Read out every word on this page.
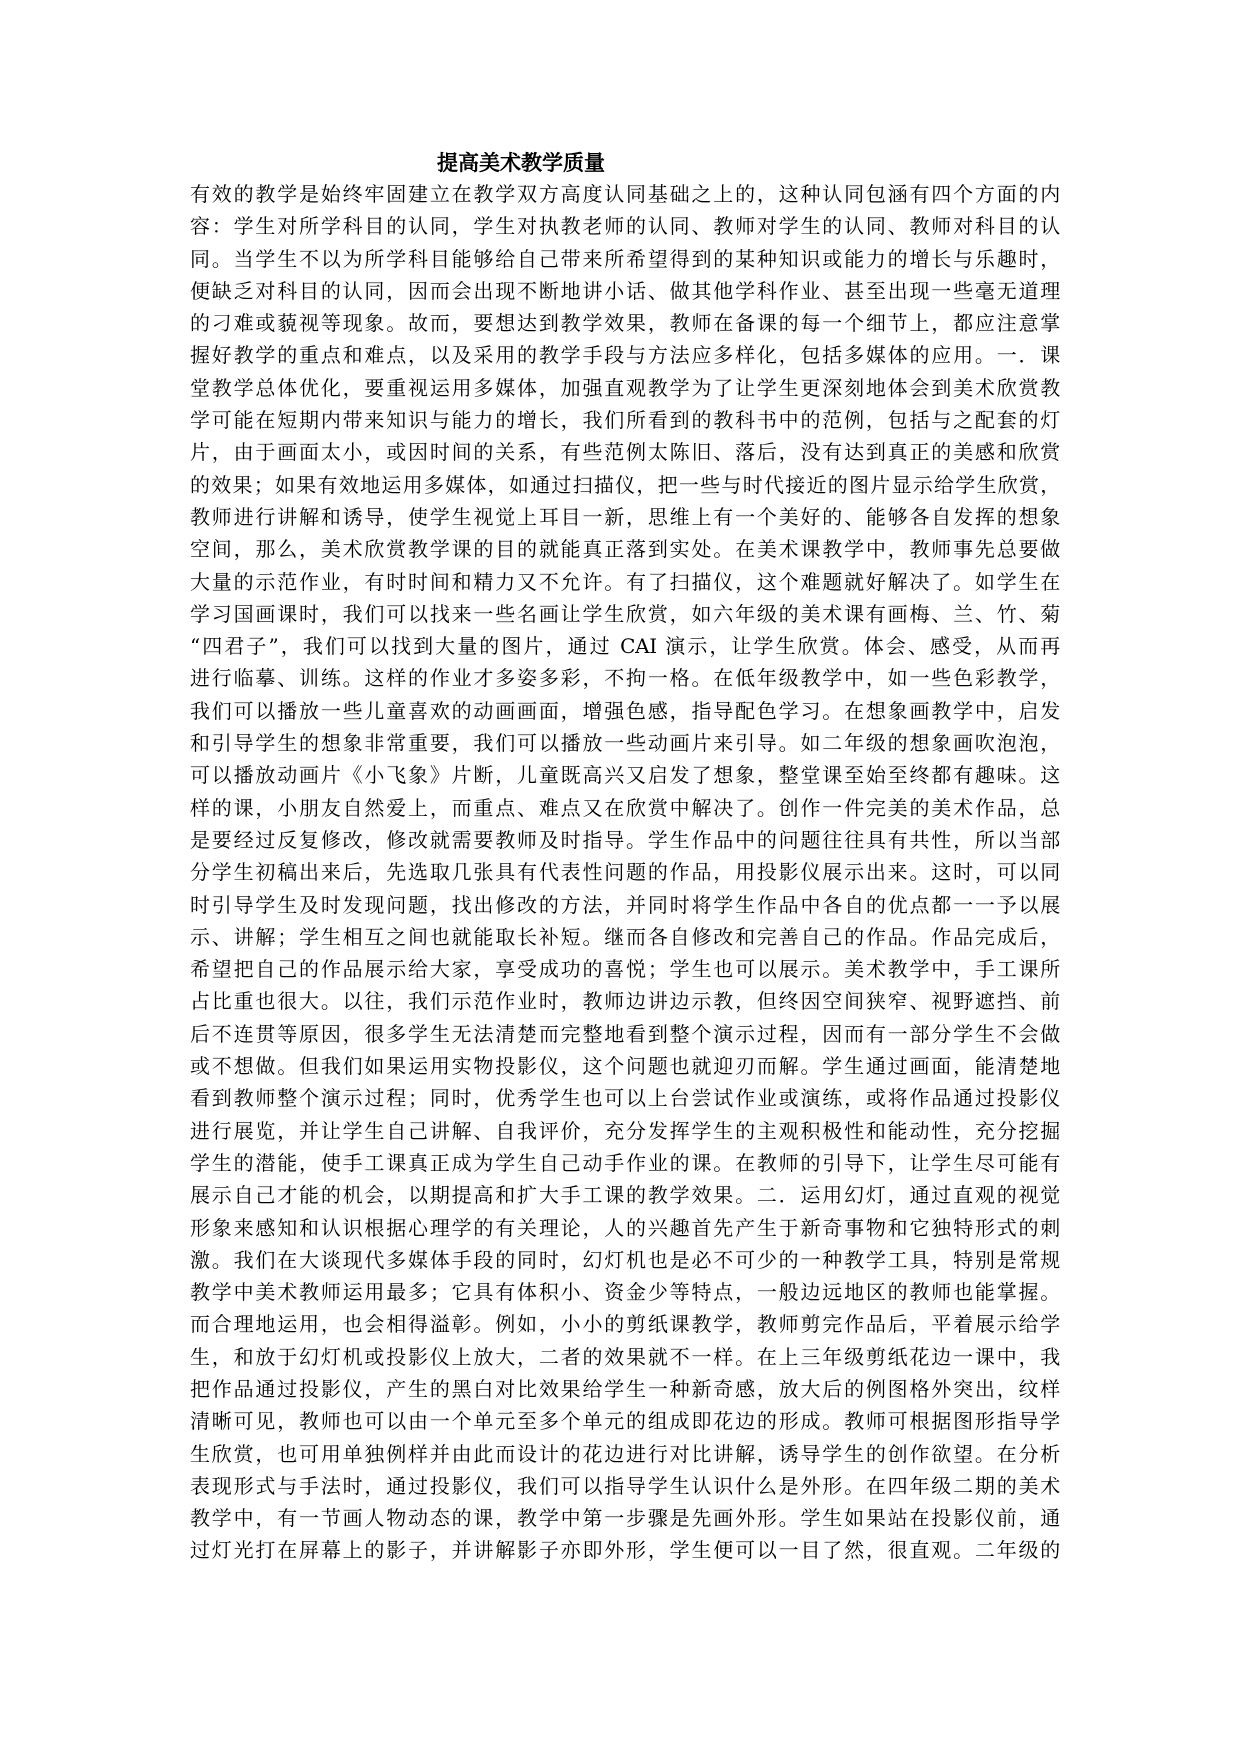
提高美术教学质量
有效的教学是始终牢固建立在教学双方高度认同基础之上的，这种认同包涵有四个方面的内
容：学生对所学科目的认同，学生对执教老师的认同、教师对学生的认同、教师对科目的认
同。当学生不以为所学科目能够给自己带来所希望得到的某种知识或能力的增长与乐趣时，
便缺乏对科目的认同，因而会出现不断地讲小话、做其他学科作业、甚至出现一些毫无道理
的刁难或藐视等现象。故而，要想达到教学效果，教师在备课的每一个细节上，都应注意掌
握好教学的重点和难点，以及采用的教学手段与方法应多样化，包括多媒体的应用。一．课
堂教学总体优化，要重视运用多媒体，加强直观教学为了让学生更深刻地体会到美术欣赏教
学可能在短期内带来知识与能力的增长，我们所看到的教科书中的范例，包括与之配套的灯
片，由于画面太小，或因时间的关系，有些范例太陈旧、落后，没有达到真正的美感和欣赏
的效果；如果有效地运用多媒体，如通过扫描仪，把一些与时代接近的图片显示给学生欣赏，
教师进行讲解和诱导，使学生视觉上耳目一新，思维上有一个美好的、能够各自发挥的想象
空间，那么，美术欣赏教学课的目的就能真正落到实处。在美术课教学中，教师事先总要做
大量的示范作业，有时时间和精力又不允许。有了扫描仪，这个难题就好解决了。如学生在
学习国画课时，我们可以找来一些名画让学生欣赏，如六年级的美术课有画梅、兰、竹、菊
“四君子”，我们可以找到大量的图片，通过 CAI 演示，让学生欣赏。体会、感受，从而再
进行临摹、训练。这样的作业才多姿多彩，不拘一格。在低年级教学中，如一些色彩教学，
我们可以播放一些儿童喜欢的动画画面，增强色感，指导配色学习。在想象画教学中，启发
和引导学生的想象非常重要，我们可以播放一些动画片来引导。如二年级的想象画吹泡泡，
可以播放动画片《小飞象》片断，儿童既高兴又启发了想象，整堂课至始至终都有趣味。这
样的课，小朋友自然爱上，而重点、难点又在欣赏中解决了。创作一件完美的美术作品，总
是要经过反复修改，修改就需要教师及时指导。学生作品中的问题往往具有共性，所以当部
分学生初稿出来后，先选取几张具有代表性问题的作品，用投影仪展示出来。这时，可以同
时引导学生及时发现问题，找出修改的方法，并同时将学生作品中各自的优点都一一予以展
示、讲解；学生相互之间也就能取长补短。继而各自修改和完善自己的作品。作品完成后，
希望把自己的作品展示给大家，享受成功的喜悦；学生也可以展示。美术教学中，手工课所
占比重也很大。以往，我们示范作业时，教师边讲边示教，但终因空间狭窄、视野遮挡、前
后不连贯等原因，很多学生无法清楚而完整地看到整个演示过程，因而有一部分学生不会做
或不想做。但我们如果运用实物投影仪，这个问题也就迎刃而解。学生通过画面，能清楚地
看到教师整个演示过程；同时，优秀学生也可以上台尝试作业或演练，或将作品通过投影仪
进行展览，并让学生自己讲解、自我评价，充分发挥学生的主观积极性和能动性，充分挖掘
学生的潜能，使手工课真正成为学生自己动手作业的课。在教师的引导下，让学生尽可能有
展示自己才能的机会，以期提高和扩大手工课的教学效果。二．运用幻灯，通过直观的视觉
形象来感知和认识根据心理学的有关理论，人的兴趣首先产生于新奇事物和它独特形式的刺
激。我们在大谈现代多媒体手段的同时，幻灯机也是必不可少的一种教学工具，特别是常规
教学中美术教师运用最多；它具有体积小、资金少等特点，一般边远地区的教师也能掌握。
而合理地运用，也会相得溢彰。例如，小小的剪纸课教学，教师剪完作品后，平着展示给学
生，和放于幻灯机或投影仪上放大，二者的效果就不一样。在上三年级剪纸花边一课中，我
把作品通过投影仪，产生的黑白对比效果给学生一种新奇感，放大后的例图格外突出，纹样
清晰可见，教师也可以由一个单元至多个单元的组成即花边的形成。教师可根据图形指导学
生欣赏，也可用单独例样并由此而设计的花边进行对比讲解，诱导学生的创作欲望。在分析
表现形式与手法时，通过投影仪，我们可以指导学生认识什么是外形。在四年级二期的美术
教学中，有一节画人物动态的课，教学中第一步骤是先画外形。学生如果站在投影仪前，通
过灯光打在屏幕上的影子，并讲解影子亦即外形，学生便可以一目了然，很直观。二年级的
